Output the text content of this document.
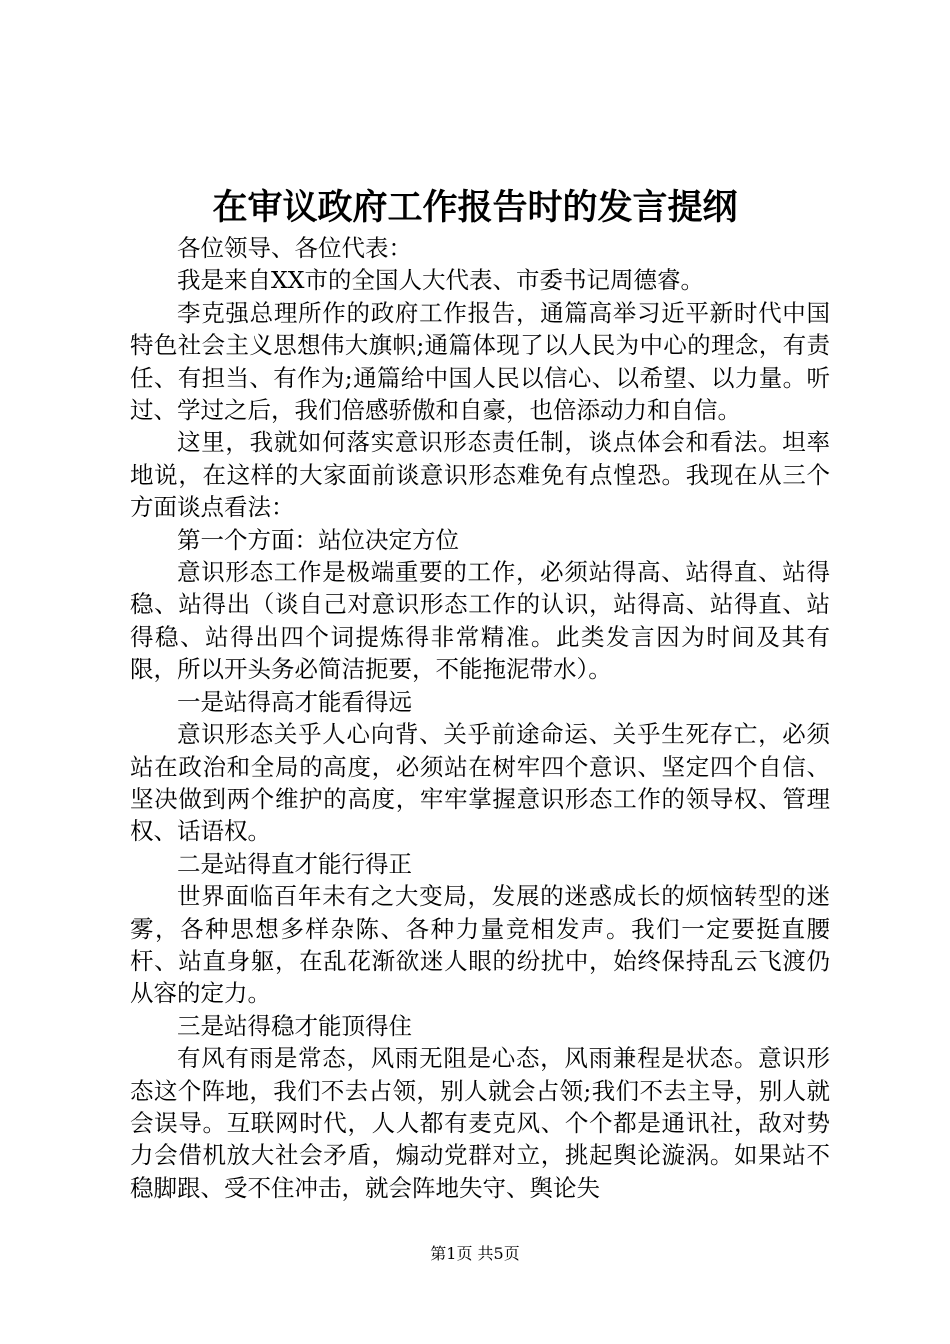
在审议政府工作报告时的发言提纲

各位领导、各位代表：

我是来自XX市的全国人大代表、市委书记周德睿。

李克强总理所作的政府工作报告，通篇高举习近平新时代中国特色社会主义思想伟大旗帜;通篇体现了以人民为中心的理念，有责任、有担当、有作为;通篇给中国人民以信心、以希望、以力量。听过、学过之后，我们倍感骄傲和自豪，也倍添动力和自信。

这里，我就如何落实意识形态责任制，谈点体会和看法。坦率地说，在这样的大家面前谈意识形态难免有点惶恐。我现在从三个方面谈点看法：

第一个方面：站位决定方位

意识形态工作是极端重要的工作，必须站得高、站得直、站得稳、站得出（谈自己对意识形态工作的认识，站得高、站得直、站得稳、站得出四个词提炼得非常精准。此类发言因为时间及其有限，所以开头务必简洁扼要，不能拖泥带水）。

一是站得高才能看得远

意识形态关乎人心向背、关乎前途命运、关乎生死存亡，必须站在政治和全局的高度，必须站在树牢四个意识、坚定四个自信、坚决做到两个维护的高度，牢牢掌握意识形态工作的领导权、管理权、话语权。

二是站得直才能行得正

世界面临百年未有之大变局，发展的迷惑成长的烦恼转型的迷雾，各种思想多样杂陈、各种力量竞相发声。我们一定要挺直腰杆、站直身躯，在乱花渐欲迷人眼的纷扰中，始终保持乱云飞渡仍从容的定力。

三是站得稳才能顶得住

有风有雨是常态，风雨无阻是心态，风雨兼程是状态。意识形态这个阵地，我们不去占领，别人就会占领;我们不去主导，别人就会误导。互联网时代，人人都有麦克风、个个都是通讯社，敌对势力会借机放大社会矛盾，煽动党群对立，挑起舆论漩涡。如果站不稳脚跟、受不住冲击，就会阵地失守、舆论失

第1页 共5页
